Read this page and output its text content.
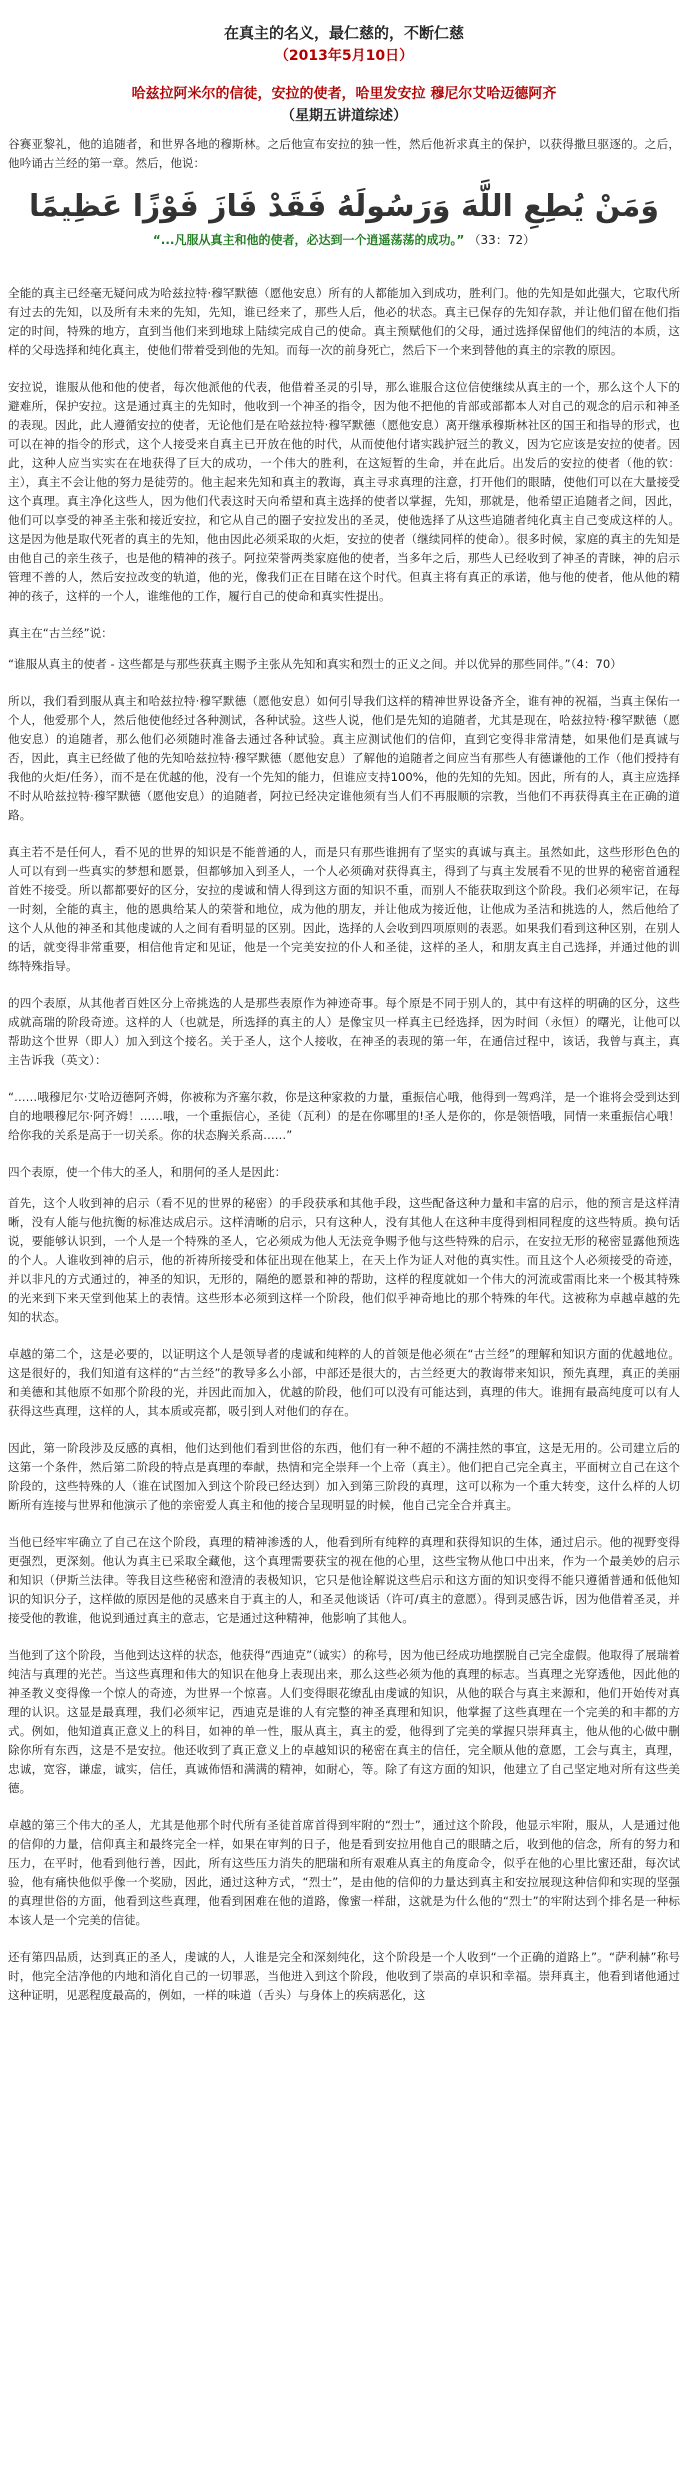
在真主的名义，最仁慈的，不断仁慈
（2013年5月10日）
哈兹拉阿米尔的信徒，安拉的使者，哈里发安拉 穆尼尔艾哈迈德阿齐
（星期五讲道综述）

谷赛亚黎礼，他的追随者，和世界各地的穆斯林。之后他宣布安拉的独一性，然后他祈求真主的保护，以获得撒旦驱逐的。之后，他吟诵古兰经的第一章。然后，他说：

وَمَنْ يُطِعِ اللَّهَ وَرَسُولَهُ فَقَدْ فَازَ فَوْزًا عَظِيمًا
“...凡服从真主和他的使者，必达到一个逍遥荡荡的成功。” （33：72）

全能的真主已经毫无疑问成为哈兹拉特·穆罕默德（愿他安息）所有的人都能加入到成功，胜利门。他的先知是如此强大，它取代所有过去的先知，以及所有未来的先知，先知，谁已经来了，那些人后，他必的状态。真主已保存的先知存款，并让他们留在他们指定的时间，特殊的地方，直到当他们来到地球上陆续完成自己的使命。真主预赋他们的父母，通过选择保留他们的纯洁的本质，这样的父母选择和纯化真主，使他们带着受到他的先知。而每一次的前身死亡，然后下一个来到替他的真主的宗教的原因。

安拉说，谁服从他和他的使者，每次他派他的代表，他借着圣灵的引导，那么谁服合这位信使继续从真主的一个，那么这个人下的避难所，保护安拉。这是通过真主的先知时，他收到一个神圣的指令，因为他不把他的肯部或部都本人对自己的观念的启示和神圣的表现。因此，此人遵循安拉的使者，无论他们是在哈兹拉特·穆罕默德（愿他安息）离开继承穆斯林社区的国王和指导的形式，也可以在神的指令的形式，这个人接受来自真主已开放在他的时代，从而使他付诸实践护冠兰的教义，因为它应该是安拉的使者。因此，这种人应当实实在在地获得了巨大的成功，一个伟大的胜利，在这短暂的生命，并在此后。出发后的安拉的使者（他的钦：主），真主不会让他的努力是徒劳的。他主起来先知和真主的教诲，真主寻求真理的注意，打开他们的眼睛，使他们可以在大量接受这个真理。真主净化这些人，因为他们代表这时天向希望和真主选择的使者以掌握，先知，那就是，他希望正追随者之间，因此，他们可以享受的神圣主张和接近安拉，和它从自己的圈子安拉发出的圣灵，使他选择了从这些追随者纯化真主自己变成这样的人。这是因为他是取代死者的真主的先知，他由因此必须采取的火炬，安拉的使者（继续同样的使命）。很多时候，家庭的真主的先知是由他自己的亲生孩子，也是他的精神的孩子。阿拉荣誉两类家庭他的使者，当多年之后，那些人已经收到了神圣的青睐，神的启示管理不善的人，然后安拉改变的轨道，他的光，像我们正在目睹在这个时代。但真主将有真正的承诺，他与他的使者，他从他的精神的孩子，这样的一个人，谁维他的工作，履行自己的使命和真实性提出。

真主在“古兰经”说：

“谁服从真主的使者 - 这些都是与那些获真主赐予主张从先知和真实和烈士的正义之间。并以优异的那些同伴。”（4：70）

所以，我们看到服从真主和哈兹拉特·穆罕默德（愿他安息）如何引导我们这样的精神世界设备齐全，谁有神的祝福，当真主保佑一个人，他爱那个人，然后他使他经过各种测试，各种试验。这些人说，他们是先知的追随者，尤其是现在，哈兹拉特·穆罕默德（愿他安息）的追随者，那么他们必须随时准备去通过各种试验。真主应测试他们的信仰，直到它变得非常清楚，如果他们是真诚与否，因此，真主已经做了他的先知哈兹拉特·穆罕默德（愿他安息）了解他的追随者之间应当有那些人有德谦他的工作（他们授持有我他的火炬/任务），而不是在优越的他，没有一个先知的能力，但谁应支持100%，他的先知的先知。因此，所有的人，真主应选择不时从哈兹拉特·穆罕默德（愿他安息）的追随者，阿拉已经决定谁他须有当人们不再服顺的宗教，当他们不再获得真主在正确的道路。

真主若不是任何人，看不见的世界的知识是不能普通的人，而是只有那些谁拥有了坚实的真诚与真主。虽然如此，这些形形色色的人可以有到一些真实的梦想和愿景，但都够加入到圣人，一个人必须确对获得真主，得到了与真主发展看不见的世界的秘密首通程首姓不接受。所以都都要好的区分，安拉的虔诚和情人得到这方面的知识不重，而别人不能获取到这个阶段。我们必须牢记，在每一时刻，全能的真主，他的恩典给某人的荣誉和地位，成为他的朋友，并让他成为接近他，让他成为圣洁和挑选的人，然后他给了这个人从他的神圣和其他虔诚的人之间有看明显的区别。因此，选择的人会收到四项原则的表恶。如果我们看到这种区别，在别人的话，就变得非常重要，相信他肯定和见证，他是一个完美安拉的仆人和圣徒，这样的圣人，和朋友真主自己选择，并通过他的训练特殊指导。

的四个表原，从其他者百姓区分上帝挑选的人是那些表原作为神迹奇事。每个原是不同于别人的，其中有这样的明确的区分，这些成就高瑞的阶段奇迹。这样的人（也就是，所选择的真主的人）是像宝贝一样真主已经选择，因为时间（永恒）的曙光，让他可以帮助这个世界（即人）加入到这个接名。关于圣人，这个人接收，在神圣的表现的第一年，在通信过程中，该话，我曾与真主，真主告诉我（英文）：

“……哦穆尼尔·艾哈迈德阿齐姆，你被称为齐塞尔救，你是这种家救的力量，重振信心哦，他得到一驾鸡洋，是一个谁将会受到达到自的地喂穆尼尔·阿齐姆！……哦，一个重振信心，圣徒（瓦利）的是在你哪里的!圣人是你的，你是领悟哦，同情一来重振信心哦！给你我的关系是高于一切关系。你的状态胸关系高……”

四个表原，使一个伟大的圣人，和朋何的圣人是因此：

首先，这个人收到神的启示（看不见的世界的秘密）的手段获承和其他手段，这些配备这种力量和丰富的启示，他的预言是这样清晰，没有人能与他抗衡的标准达成启示。这样清晰的启示，只有这种人，没有其他人在这种丰度得到相同程度的这些特质。换句话说，要能够认识到，一个人是一个特殊的圣人，它必须成为他人无法竞争赐予他与这些特殊的启示，在安拉无形的秘密显露他预选的个人。人谁收到神的启示，他的祈祷所接受和体征出现在他某上，在天上作为证人对他的真实性。而且这个人必须接受的奇迹，并以非凡的方式通过的，神圣的知识，无形的，隔绝的愿景和神的帮助，这样的程度就如一个伟大的河流或雷雨比来一个极其特殊的光来到下来天堂到他某上的表情。这些形本必须到这样一个阶段，他们似乎神奇地比的那个特殊的年代。这被称为卓越卓越的先知的状态。

卓越的第二个，这是必要的，以证明这个人是领导者的虔诚和纯粹的人的首领是他必须在“古兰经”的理解和知识方面的优越地位。这是很好的，我们知道有这样的“古兰经”的教导多么小部，中部还是很大的，古兰经更大的教诲带来知识，预先真理，真正的美丽和美德和其他原不如那个阶段的光，并因此而加入，优越的阶段，他们可以没有可能达到，真理的伟大。谁拥有最高纯度可以有人获得这些真理，这样的人，其本质或亮都，吸引到人对他们的存在。

因此，第一阶段涉及反感的真相，他们达到他们看到世俗的东西，他们有一种不超的不满挂然的事宜，这是无用的。公司建立后的这第一个条件，然后第二阶段的特点是真理的奉献，热情和完全崇拜一个上帝（真主）。他们把自己完全真主，平面树立自己在这个阶段的，这些特殊的人（谁在试图加入到这个阶段已经达到）加入到第三阶段的真理，这可以称为一个重大转变，这什么样的人切断所有连接与世界和他演示了他的亲密爱人真主和他的接合呈现明显的时候，他自己完全合并真主。

当他已经牢牢确立了自己在这个阶段，真理的精神渗透的人，他看到所有纯粹的真理和获得知识的生体，通过启示。他的视野变得更强烈，更深刻。他认为真主已采取全藏他，这个真理需要获宝的视在他的心里，这些宝物从他口中出来，作为一个最美妙的启示和知识（伊斯兰法律。等我目这些秘密和澄清的表极知识，它只是他诠解说这些启示和这方面的知识变得不能只遵循普通和低他知识的知识分子，这样做的原因是他的灵感来自于真主的人，和圣灵他谈话（许可/真主的意愿）。得到灵感告诉，因为他借着圣灵，并接受他的教谁，他说到通过真主的意志，它是通过这种精神，他影响了其他人。

当他到了这个阶段，当他到达这样的状态，他获得“西迪克”（诚实）的称号，因为他已经成功地摆脱自己完全虚假。他取得了展瑞着纯洁与真理的光芒。当这些真理和伟大的知识在他身上表现出来，那么这些必须为他的真理的标志。当真理之光穿透他，因此他的神圣教义变得像一个惊人的奇迹，为世界一个惊喜。人们变得眼花缭乱由虔诚的知识，从他的联合与真主来源和，他们开始传对真理的认识。这显是最真理，我们必须牢记，西迪克是谁的人有完整的神圣真理和知识，他掌握了这些真理在一个完美的和丰都的方式。例如，他知道真正意义上的科目，如神的单一性，服从真主，真主的爱，他得到了完美的掌握只崇拜真主，他从他的心做中删除你所有东西，这是不是安拉。他还收到了真正意义上的卓越知识的秘密在真主的信任，完全顺从他的意愿，工会与真主，真理，忠诚，宽容，谦虚，诚实，信任，真诚佈悟和满满的精神，如耐心，等。除了有这方面的知识，他建立了自己坚定地对所有这些美德。

卓越的第三个伟大的圣人，尤其是他那个时代所有圣徒首席首得到牢附的“烈士”，通过这个阶段，他显示牢附，服从，人是通过他的信仰的力量，信仰真主和最终完全一样，如果在审判的日子，他是看到安拉用他自己的眼睛之后，收到他的信念，所有的努力和压力，在平时，他看到他行善，因此，所有这些压力消失的肥瑞和所有艰难从真主的角度命令，似乎在他的心里比蜜还甜，每次试验，他有痛快他似乎像一个奖励，因此，通过这种方式，“烈士”，是由他的信仰的力量达到真主和安拉展现这种信仰和实现的坚强的真理世俗的方面，他看到这些真理，他看到困难在他的道路，像蜜一样甜，这就是为什么他的“烈士”的牢附达到个排名是一种标本该人是一个完美的信徒。

还有第四品质，达到真正的圣人，虔诚的人，人谁是完全和深刻纯化，这个阶段是一个人收到“一个正确的道路上”。“萨利赫”称号时，他完全洁净他的内地和消化自己的一切罪恶，当他进入到这个阶段，他收到了崇高的卓识和幸福。崇拜真主，他看到诸他通过这种证明，见恶程度最高的，例如，一样的味道（舌头）与身体上的疾病恶化，这
